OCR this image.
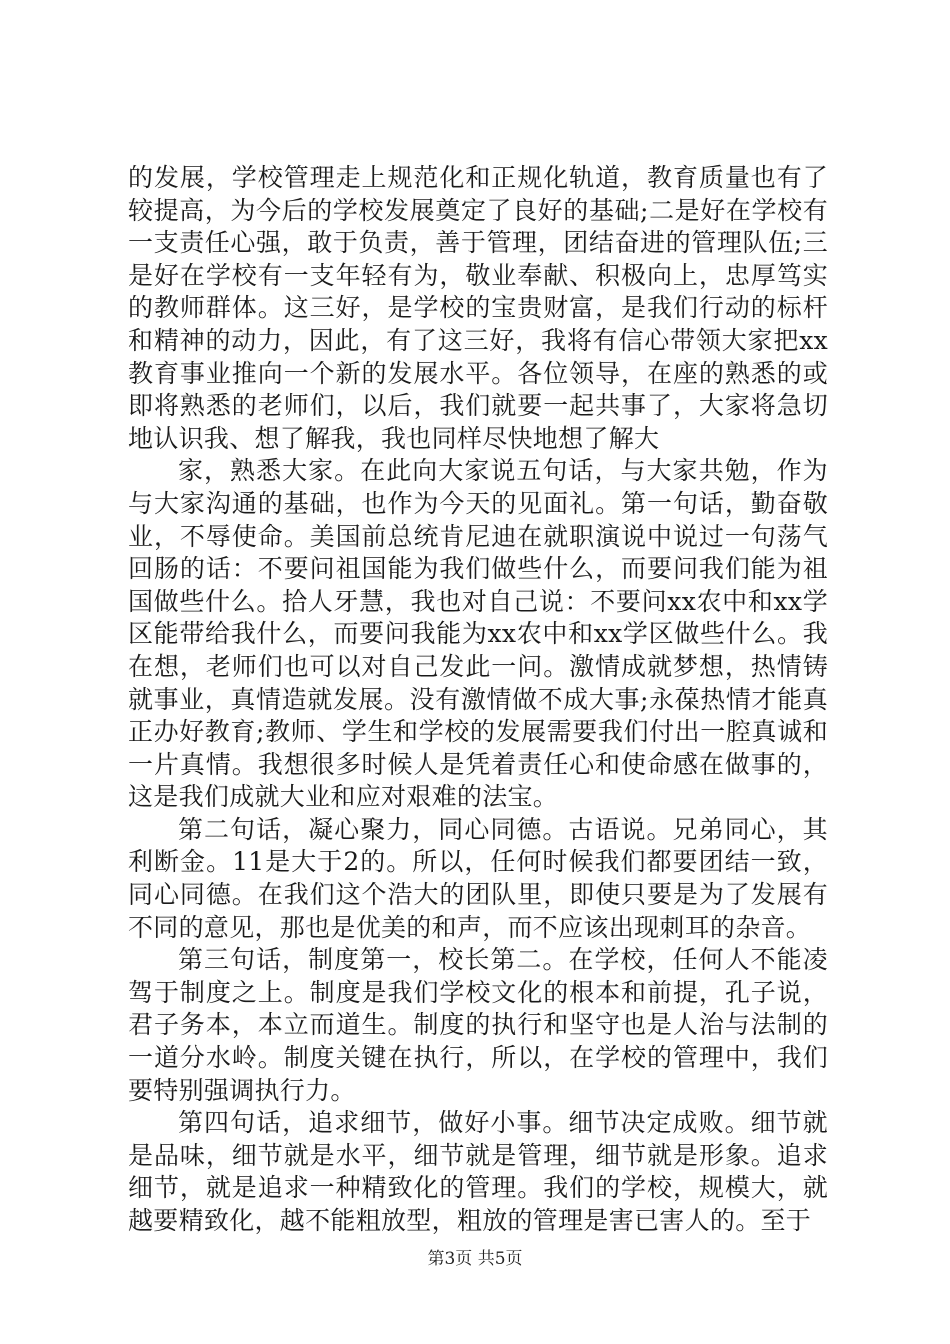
的发展，学校管理走上规范化和正规化轨道，教育质量也有了较提高，为今后的学校发展奠定了良好的基础;二是好在学校有一支责任心强，敢于负责，善于管理，团结奋进的管理队伍;三是好在学校有一支年轻有为，敬业奉献、积极向上，忠厚笃实的教师群体。这三好，是学校的宝贵财富，是我们行动的标杆和精神的动力，因此，有了这三好，我将有信心带领大家把xx教育事业推向一个新的发展水平。各位领导，在座的熟悉的或即将熟悉的老师们，以后，我们就要一起共事了，大家将急切地认识我、想了解我，我也同样尽快地想了解大

家，熟悉大家。在此向大家说五句话，与大家共勉，作为与大家沟通的基础，也作为今天的见面礼。第一句话，勤奋敬业，不辱使命。美国前总统肯尼迪在就职演说中说过一句荡气回肠的话：不要问祖国能为我们做些什么，而要问我们能为祖国做些什么。拾人牙慧，我也对自己说：不要问xx农中和xx学区能带给我什么，而要问我能为xx农中和xx学区做些什么。我在想，老师们也可以对自己发此一问。激情成就梦想，热情铸就事业，真情造就发展。没有激情做不成大事;永葆热情才能真正办好教育;教师、学生和学校的发展需要我们付出一腔真诚和一片真情。我想很多时候人是凭着责任心和使命感在做事的，这是我们成就大业和应对艰难的法宝。

第二句话，凝心聚力，同心同德。古语说。兄弟同心，其利断金。11是大于2的。所以，任何时候我们都要团结一致，同心同德。在我们这个浩大的团队里，即使只要是为了发展有不同的意见，那也是优美的和声，而不应该出现刺耳的杂音。

第三句话，制度第一，校长第二。在学校，任何人不能凌驾于制度之上。制度是我们学校文化的根本和前提，孔子说，君子务本，本立而道生。制度的执行和坚守也是人治与法制的一道分水岭。制度关键在执行，所以，在学校的管理中，我们要特别强调执行力。

第四句话，追求细节，做好小事。细节决定成败。细节就是品味，细节就是水平，细节就是管理，细节就是形象。追求细节，就是追求一种精致化的管理。我们的学校，规模大，就越要精致化，越不能粗放型，粗放的管理是害已害人的。至于

第3页 共5页
